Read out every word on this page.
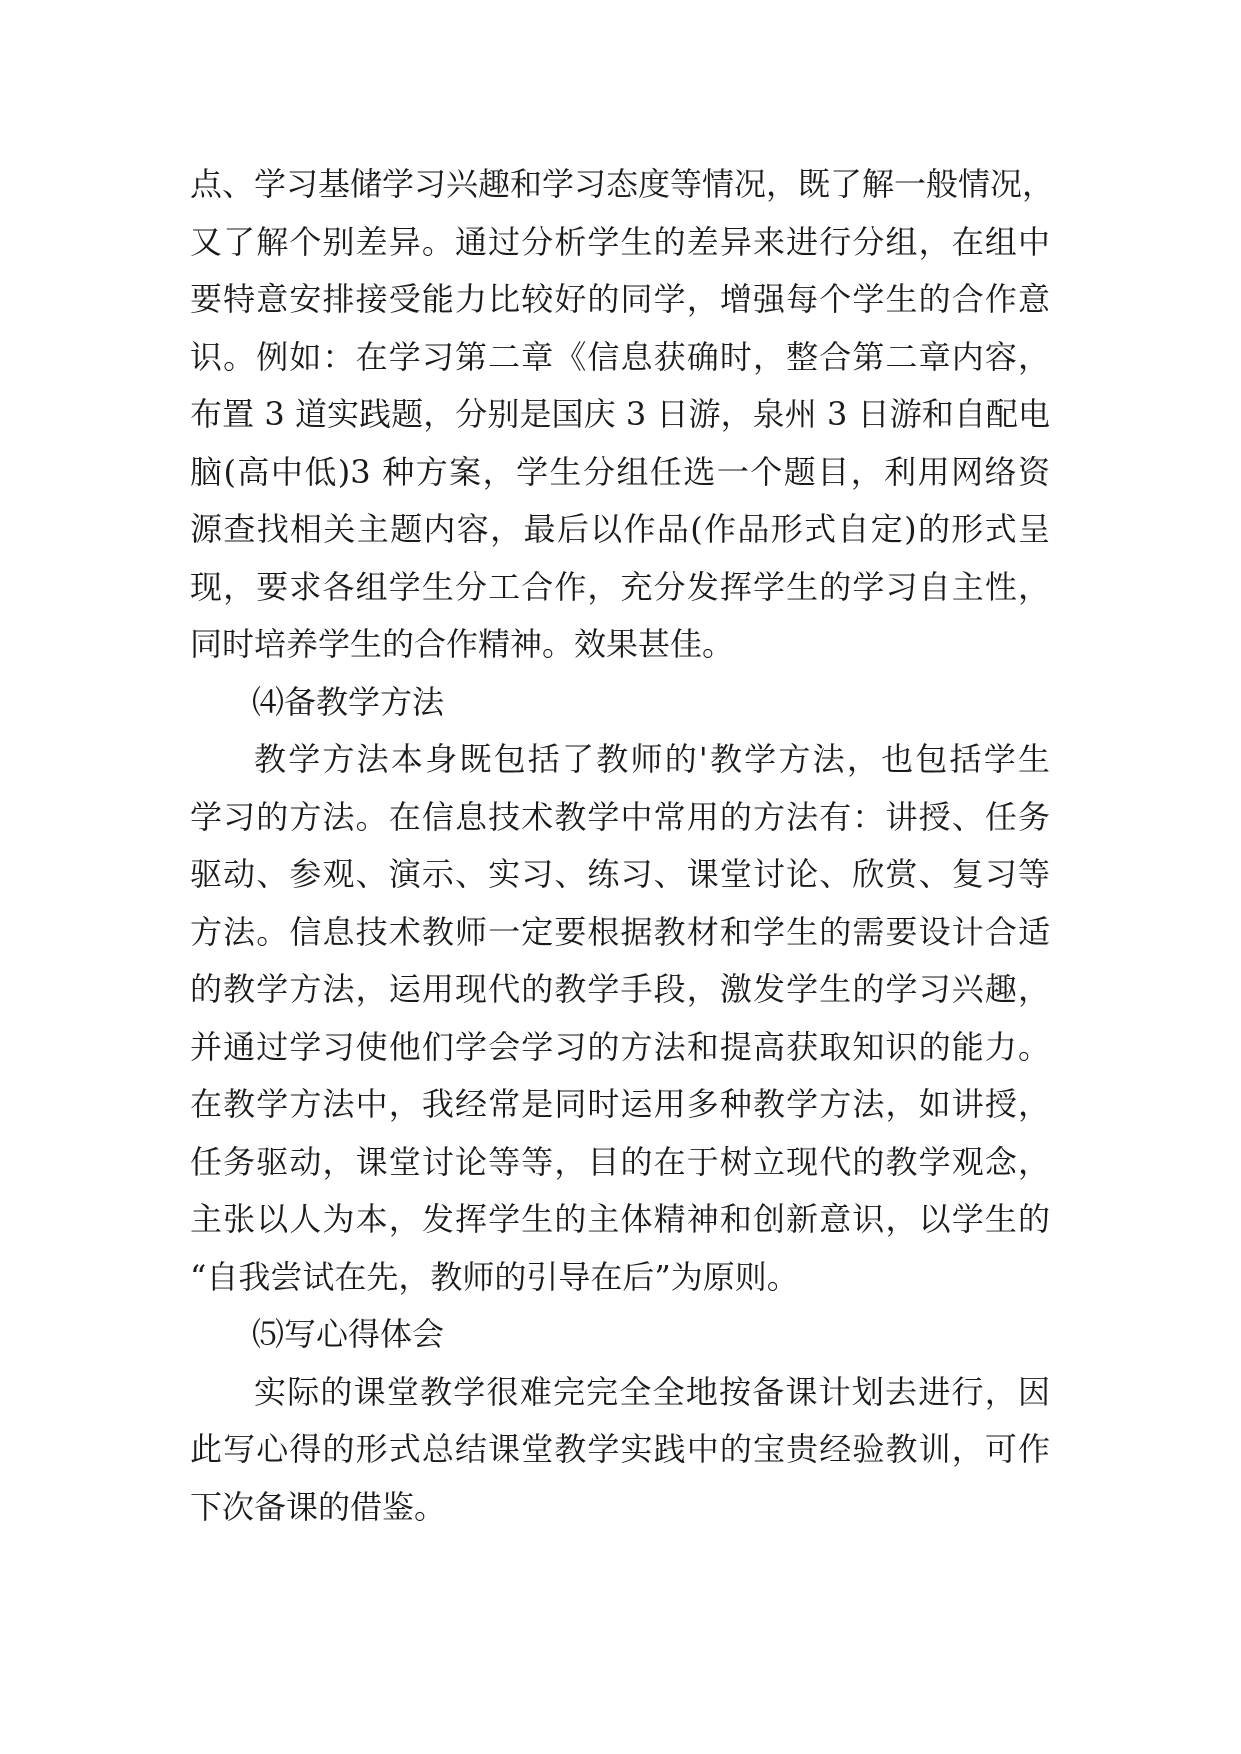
点、学习基储学习兴趣和学习态度等情况，既了解一般情况，
又了解个别差异。通过分析学生的差异来进行分组，在组中
要特意安排接受能力比较好的同学，增强每个学生的合作意
识。例如：在学习第二章《信息获确时，整合第二章内容，
布置 3 道实践题，分别是国庆 3 日游，泉州 3 日游和自配电
脑(高中低)3 种方案，学生分组任选一个题目，利用网络资
源查找相关主题内容，最后以作品(作品形式自定)的形式呈
现，要求各组学生分工合作，充分发挥学生的学习自主性，
同时培养学生的合作精神。效果甚佳。
⑷备教学方法
教学方法本身既包括了教师的'教学方法，也包括学生
学习的方法。在信息技术教学中常用的方法有：讲授、任务
驱动、参观、演示、实习、练习、课堂讨论、欣赏、复习等
方法。信息技术教师一定要根据教材和学生的需要设计合适
的教学方法，运用现代的教学手段，激发学生的学习兴趣，
并通过学习使他们学会学习的方法和提高获取知识的能力。
在教学方法中，我经常是同时运用多种教学方法，如讲授，
任务驱动，课堂讨论等等，目的在于树立现代的教学观念，
主张以人为本，发挥学生的主体精神和创新意识，以学生的
“自我尝试在先，教师的引导在后”为原则。
⑸写心得体会
实际的课堂教学很难完完全全地按备课计划去进行，因
此写心得的形式总结课堂教学实践中的宝贵经验教训，可作
下次备课的借鉴。
